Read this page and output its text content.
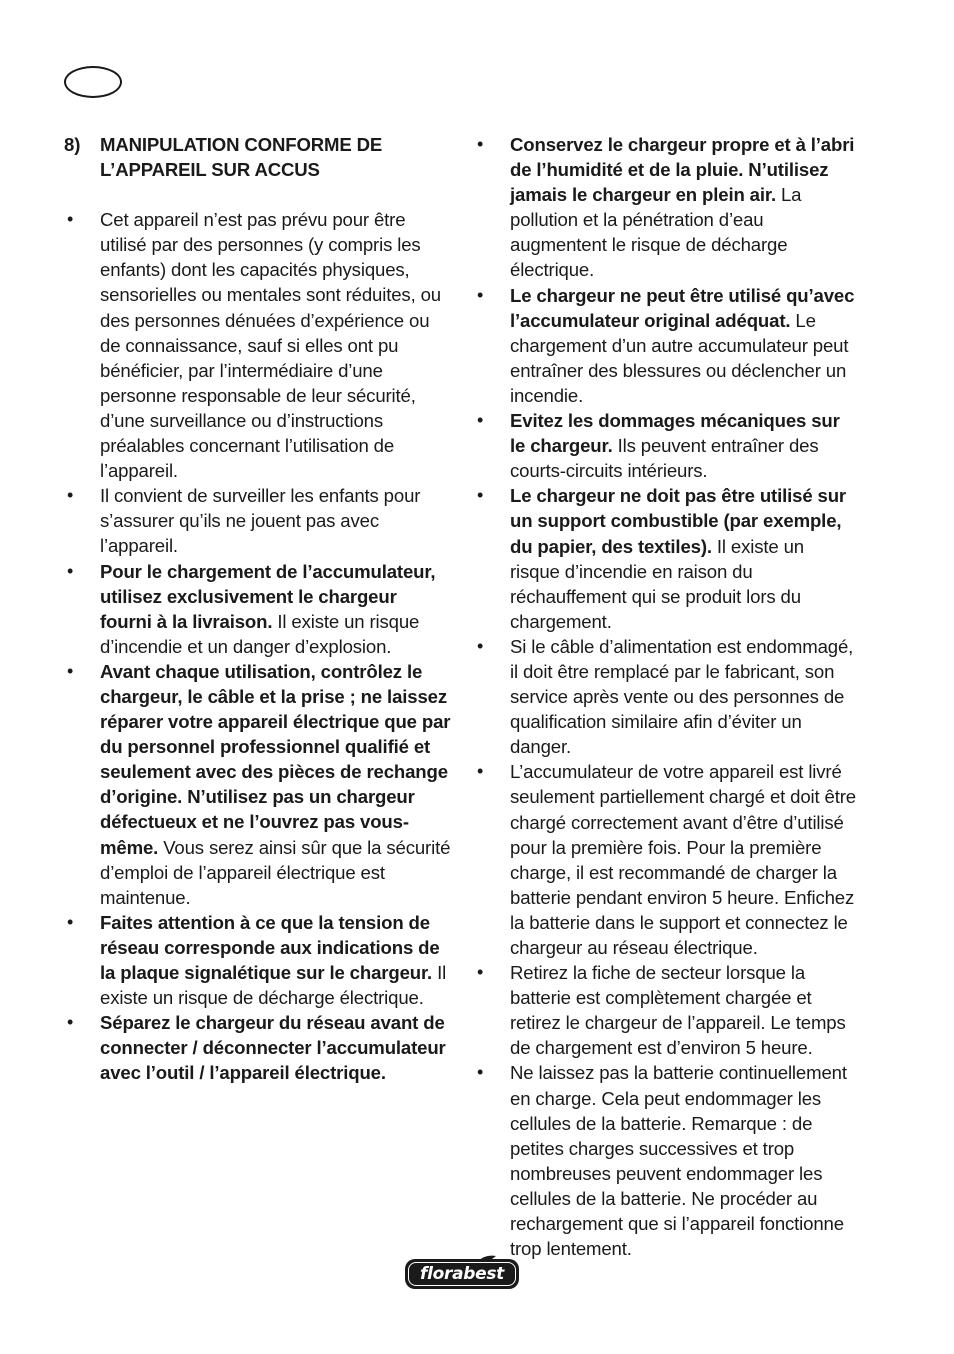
8)	MANIPULATION CONFORME DE L’APPAREIL SUR ACCUS
• Cet appareil n’est pas prévu pour être utilisé par des personnes (y compris les enfants) dont les capacités physiques, sensorielles ou mentales sont réduites, ou des personnes dénuées d’expérience ou de connaissance, sauf si elles ont pu bénéficier, par l’intermédiaire d’une personne responsable de leur sécurité, d’une surveillance ou d’instructions préalables concernant l’utilisation de l’appareil.
• Il convient de surveiller les enfants pour s’assurer qu’ils ne jouent pas avec l’appareil.
• Pour le chargement de l’accumulateur, utilisez exclusivement le chargeur fourni à la livraison. Il existe un risque d’incendie et un danger d’explosion.
• Avant chaque utilisation, contrôlez le chargeur, le câble et la prise ; ne laissez réparer votre appareil électrique que par du personnel professionnel qualifié et seulement avec des pièces de rechange d’origine. N’utilisez pas un chargeur défectueux et ne l’ouvrez pas vous-même. Vous serez ainsi sûr que la sécurité d’emploi de l’appareil électrique est maintenue.
• Faites attention à ce que la tension de réseau corresponde aux indications de la plaque signalétique sur le chargeur. Il existe un risque de décharge électrique.
• Séparez le chargeur du réseau avant de connecter / déconnecter l’accumulateur avec l’outil / l’appareil électrique.
• Conservez le chargeur propre et à l’abri de l’humidité et de la pluie. N’utilisez jamais le chargeur en plein air. La pollution et la pénétration d’eau augmentent le risque de décharge électrique.
• Le chargeur ne peut être utilisé qu’avec l’accumulateur original adéquat. Le chargement d’un autre accumulateur peut entraîner des blessures ou déclencher un incendie.
• Evitez les dommages mécaniques sur le chargeur. Ils peuvent entraîner des courts-circuits intérieurs.
• Le chargeur ne doit pas être utilisé sur un support combustible (par exemple, du papier, des textiles). Il existe un risque d’incendie en raison du réchauffement qui se produit lors du chargement.
• Si le câble d’alimentation est endommagé, il doit être remplacé par le fabricant, son service après vente ou des personnes de qualification similaire afin d’éviter un danger.
• L’accumulateur de votre appareil est livré seulement partiellement chargé et doit être chargé correctement avant d’être d’utilisé pour la première fois. Pour la première charge, il est recommandé de charger la batterie pendant environ 5 heure. Enfichez la batterie dans le support et connectez le chargeur au réseau électrique.
• Retirez la fiche de secteur lorsque la batterie est complètement chargée et retirez le chargeur de l’appareil. Le temps de chargement est d’environ 5 heure.
• Ne laissez pas la batterie continuellement en charge. Cela peut endommager les cellules de la batterie. Remarque : de petites charges successives et trop nombreuses peuvent endommager les cellules de la batterie. Ne procéder au rechargement que si l’appareil fonctionne trop lentement.
florabest
